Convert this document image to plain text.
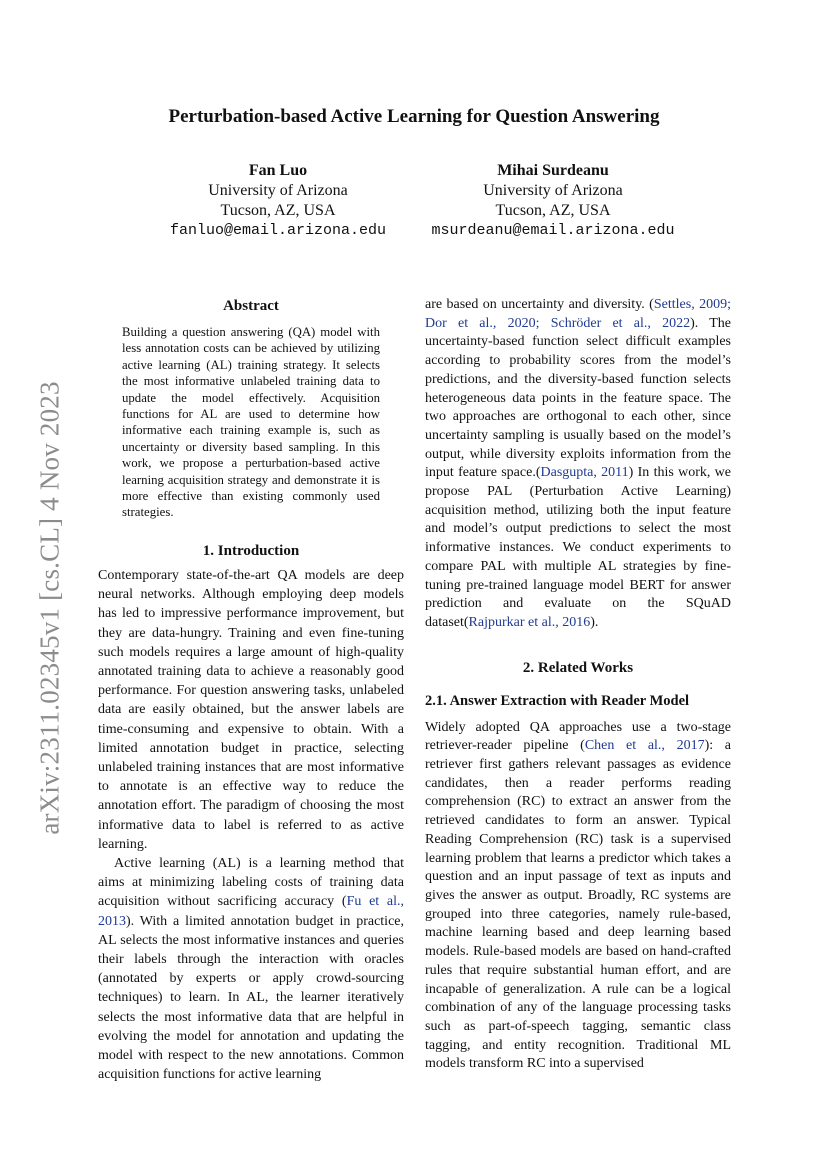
arXiv:2311.02345v1 [cs.CL] 4 Nov 2023
Perturbation-based Active Learning for Question Answering
Fan Luo
University of Arizona
Tucson, AZ, USA
fanluo@email.arizona.edu
Mihai Surdeanu
University of Arizona
Tucson, AZ, USA
msurdeanu@email.arizona.edu
Abstract
Building a question answering (QA) model with less annotation costs can be achieved by utilizing active learning (AL) training strategy. It selects the most informative unlabeled training data to update the model effectively. Acquisition functions for AL are used to determine how informative each training example is, such as uncertainty or diversity based sampling. In this work, we propose a perturbation-based active learning acquisition strategy and demonstrate it is more effective than existing commonly used strategies.
1. Introduction

Contemporary state-of-the-art QA models are deep neural networks. Although employing deep models has led to impressive performance improvement, but they are data-hungry. Training and even fine-tuning such models requires a large amount of high-quality annotated training data to achieve a reasonably good performance. For question answering tasks, unlabeled data are easily obtained, but the answer labels are time-consuming and expensive to obtain. With a limited annotation budget in practice, selecting unlabeled training instances that are most informative to annotate is an effective way to reduce the annotation effort. The paradigm of choosing the most informative data to label is referred to as active learning.

Active learning (AL) is a learning method that aims at minimizing labeling costs of training data acquisition without sacrificing accuracy (Fu et al., 2013). With a limited annotation budget in practice, AL selects the most informative instances and queries their labels through the interaction with oracles (annotated by experts or apply crowd-sourcing techniques) to learn. In AL, the learner iteratively selects the most informative data that are helpful in evolving the model for annotation and updating the model with respect to the new annotations. Common acquisition functions for active learning

are based on uncertainty and diversity. (Settles, 2009; Dor et al., 2020; Schröder et al., 2022). The uncertainty-based function select difficult examples according to probability scores from the model’s predictions, and the diversity-based function selects heterogeneous data points in the feature space. The two approaches are orthogonal to each other, since uncertainty sampling is usually based on the model’s output, while diversity exploits information from the input feature space.(Dasgupta, 2011) In this work, we propose PAL (Perturbation Active Learning) acquisition method, utilizing both the input feature and model’s output predictions to select the most informative instances. We conduct experiments to compare PAL with multiple AL strategies by fine-tuning pre-trained language model BERT for answer prediction and evaluate on the SQuAD dataset(Rajpurkar et al., 2016).

2. Related Works
2.1. Answer Extraction with Reader Model

Widely adopted QA approaches use a two-stage retriever-reader pipeline (Chen et al., 2017): a retriever first gathers relevant passages as evidence candidates, then a reader performs reading comprehension (RC) to extract an answer from the retrieved candidates to form an answer. Typical Reading Comprehension (RC) task is a supervised learning problem that learns a predictor which takes a question and an input passage of text as inputs and gives the answer as output. Broadly, RC systems are grouped into three categories, namely rule-based, machine learning based and deep learning based models. Rule-based models are based on hand-crafted rules that require substantial human effort, and are incapable of generalization. A rule can be a logical combination of any of the language processing tasks such as part-of-speech tagging, semantic class tagging, and entity recognition. Traditional ML models transform RC into a supervised
